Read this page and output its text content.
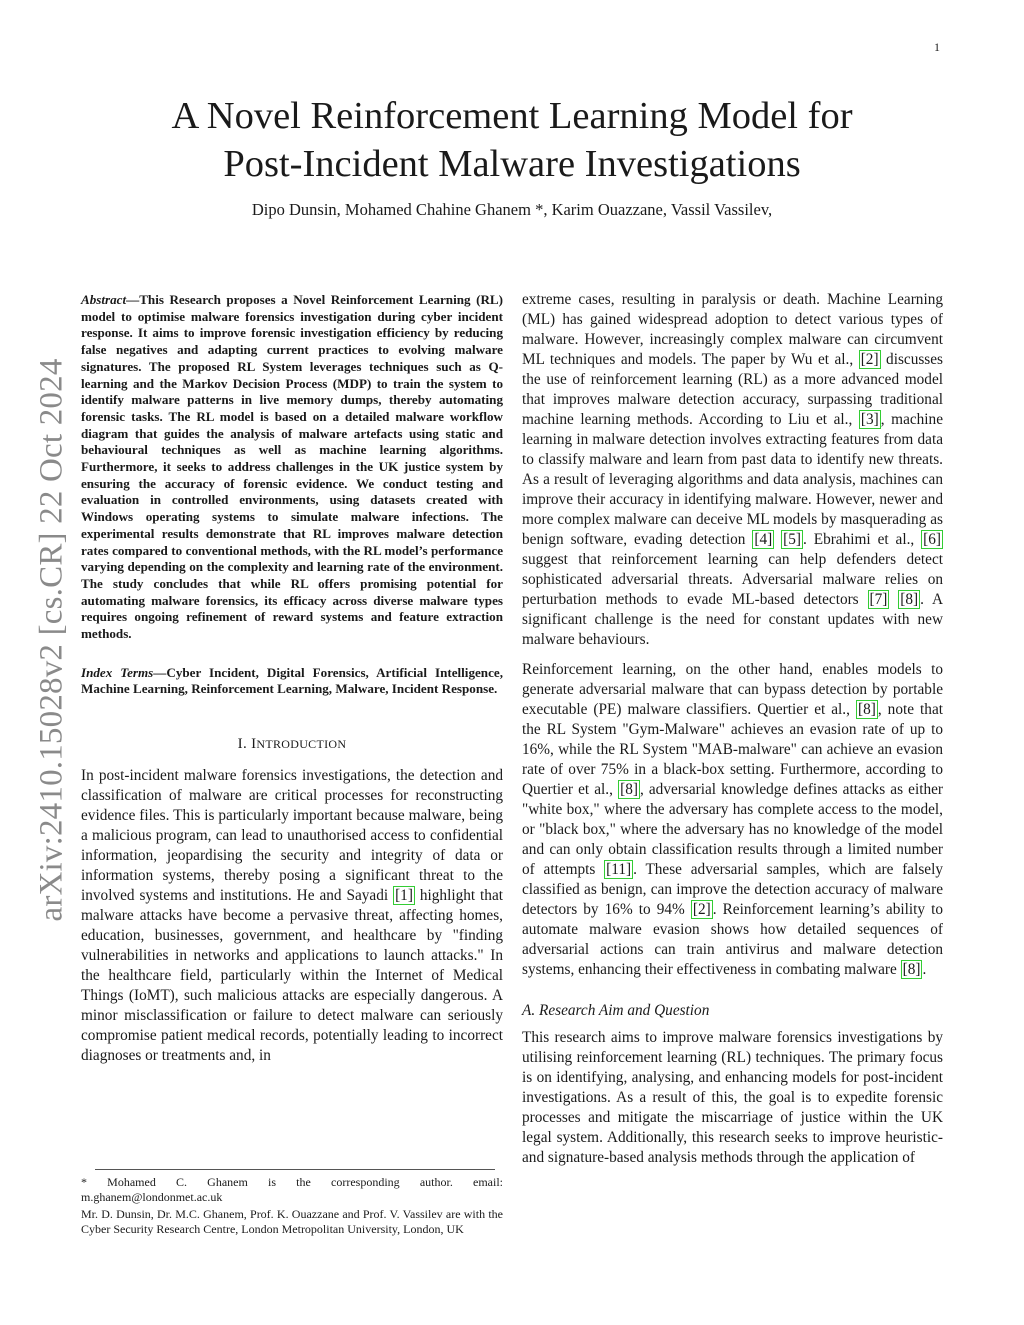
1
arXiv:2410.15028v2 [cs.CR] 22 Oct 2024
A Novel Reinforcement Learning Model for
Post-Incident Malware Investigations
Dipo Dunsin, Mohamed Chahine Ghanem *, Karim Ouazzane, Vassil Vassilev,

Abstract—This Research proposes a Novel Reinforcement Learning (RL) model to optimise malware forensics investigation during cyber incident response. It aims to improve forensic investigation efficiency by reducing false negatives and adapting current practices to evolving malware signatures. The proposed RL System leverages techniques such as Q-learning and the Markov Decision Process (MDP) to train the system to identify malware patterns in live memory dumps, thereby automating forensic tasks. The RL model is based on a detailed malware workflow diagram that guides the analysis of malware artefacts using static and behavioural techniques as well as machine learning algorithms. Furthermore, it seeks to address challenges in the UK justice system by ensuring the accuracy of forensic evidence. We conduct testing and evaluation in controlled environments, using datasets created with Windows operating systems to simulate malware infections. The experimental results demonstrate that RL improves malware detection rates compared to conventional methods, with the RL model’s performance varying depending on the complexity and learning rate of the environment. The study concludes that while RL offers promising potential for automating malware forensics, its efficacy across diverse malware types requires ongoing refinement of reward systems and feature extraction methods.

Index Terms—Cyber Incident, Digital Forensics, Artificial Intelligence, Machine Learning, Reinforcement Learning, Malware, Incident Response.

I. INTRODUCTION

In post-incident malware forensics investigations, the detection and classification of malware are critical processes for reconstructing evidence files. This is particularly important because malware, being a malicious program, can lead to unauthorised access to confidential information, jeopardising the security and integrity of data or information systems, thereby posing a significant threat to the involved systems and institutions. He and Sayadi [1] highlight that malware attacks have become a pervasive threat, affecting homes, education, businesses, government, and healthcare by "finding vulnerabilities in networks and applications to launch attacks." In the healthcare field, particularly within the Internet of Medical Things (IoMT), such malicious attacks are especially dangerous. A minor misclassification or failure to detect malware can seriously compromise patient medical records, potentially leading to incorrect diagnoses or treatments and, in

* Mohamed C. Ghanem is the corresponding author. email: m.ghanem@londonmet.ac.uk

Mr. D. Dunsin, Dr. M.C. Ghanem, Prof. K. Ouazzane and Prof. V. Vassilev are with the Cyber Security Research Centre, London Metropolitan University, London, UK

extreme cases, resulting in paralysis or death. Machine Learning (ML) has gained widespread adoption to detect various types of malware. However, increasingly complex malware can circumvent ML techniques and models. The paper by Wu et al., [2] discusses the use of reinforcement learning (RL) as a more advanced model that improves malware detection accuracy, surpassing traditional machine learning methods. According to Liu et al., [3] , machine learning in malware detection involves extracting features from data to classify malware and learn from past data to identify new threats. As a result of leveraging algorithms and data analysis, machines can improve their accuracy in identifying malware. However, newer and more complex malware can deceive ML models by masquerading as benign software, evading detection [4] [5] . Ebrahimi et al., [6] suggest that reinforcement learning can help defenders detect sophisticated adversarial threats. Adversarial malware relies on perturbation methods to evade ML-based detectors [7] [8] . A significant challenge is the need for constant updates with new malware behaviours.

Reinforcement learning, on the other hand, enables models to generate adversarial malware that can bypass detection by portable executable (PE) malware classifiers. Quertier et al., [8] , note that the RL System "Gym-Malware" achieves an evasion rate of up to 16%, while the RL System "MAB-malware" can achieve an evasion rate of over 75% in a black-box setting. Furthermore, according to Quertier et al., [8] , adversarial knowledge defines attacks as either "white box," where the adversary has complete access to the model, or "black box," where the adversary has no knowledge of the model and can only obtain classification results through a limited number of attempts [11] . These adversarial samples, which are falsely classified as benign, can improve the detection accuracy of malware detectors by 16% to 94% [2] . Reinforcement learning’s ability to automate malware evasion shows how detailed sequences of adversarial actions can train antivirus and malware detection systems, enhancing their effectiveness in combating malware [8] .

A. Research Aim and Question

This research aims to improve malware forensics investigations by utilising reinforcement learning (RL) techniques. The primary focus is on identifying, analysing, and enhancing models for post-incident investigations. As a result of this, the goal is to expedite forensic processes and mitigate the miscarriage of justice within the UK legal system. Additionally, this research seeks to improve heuristic- and signature-based analysis methods through the application of
